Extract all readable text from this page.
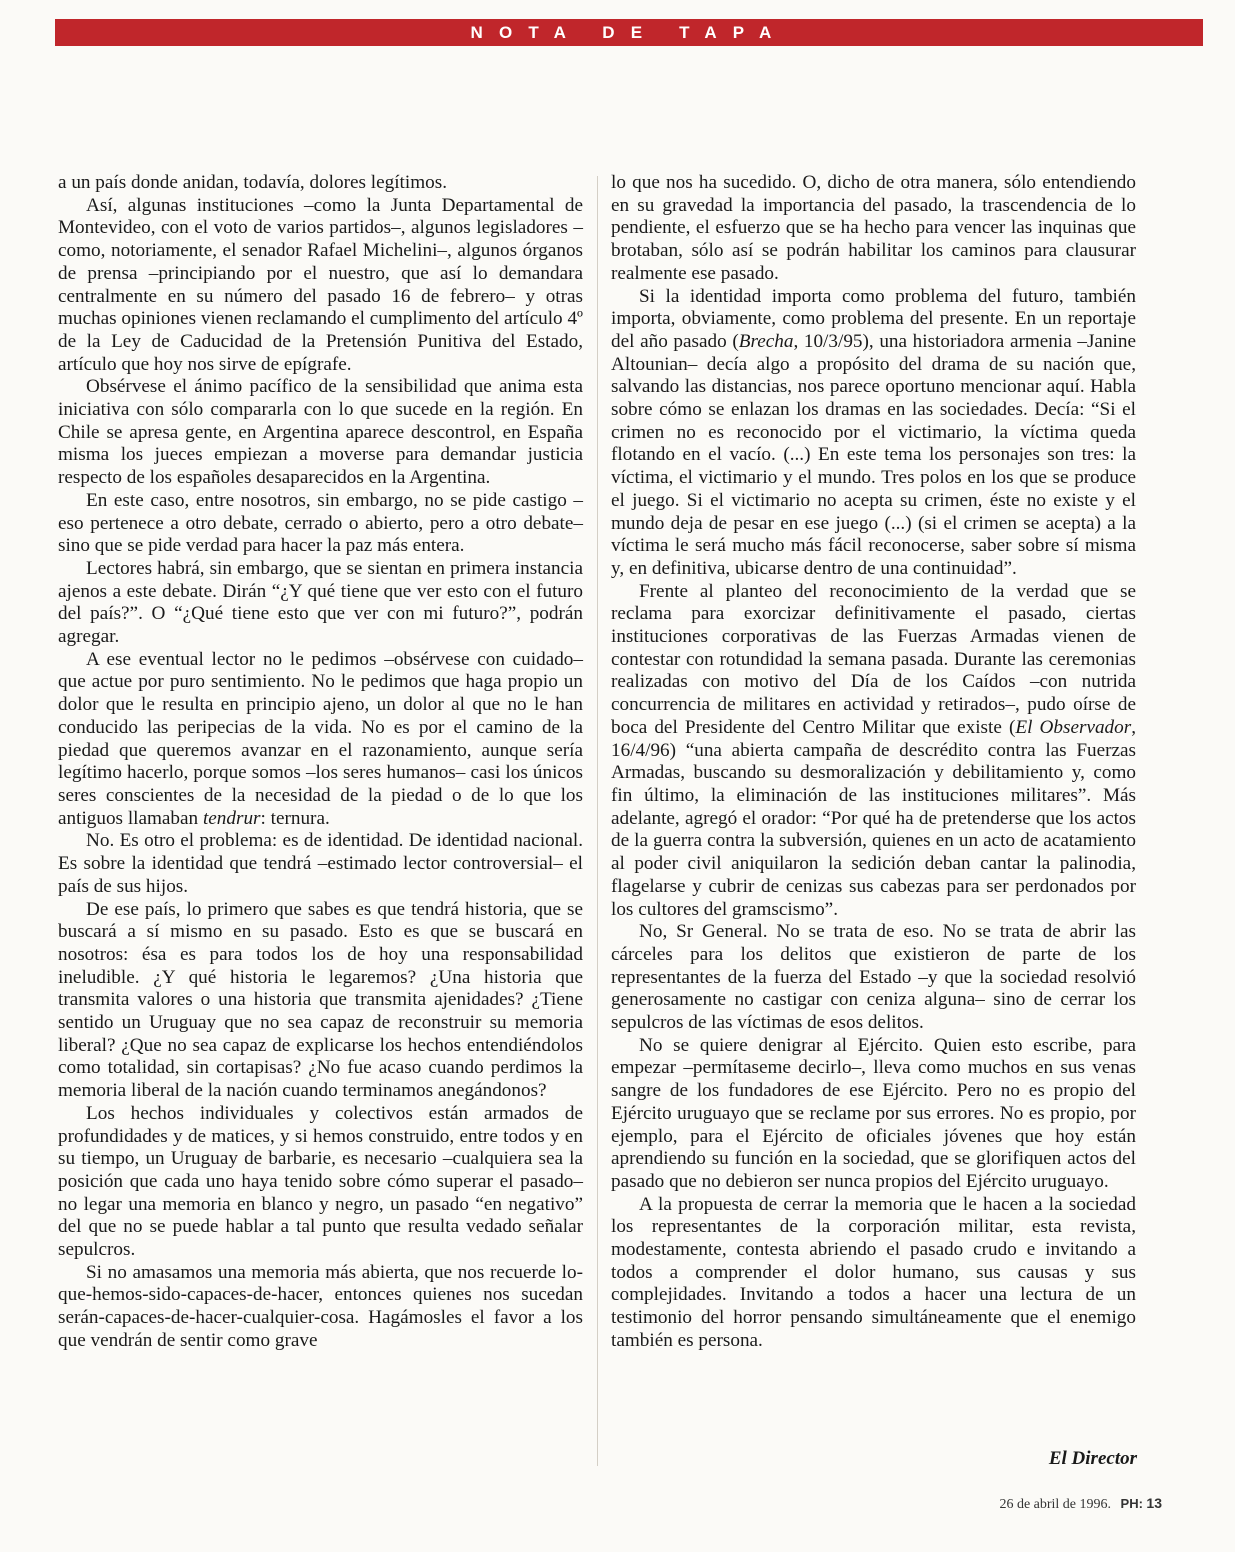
NOTA DE TAPA

a un país donde anidan, todavía, dolores legítimos.

Así, algunas instituciones –como la Junta Departamental de Montevideo, con el voto de varios partidos–, algunos legisladores –como, notoriamente, el senador Rafael Michelini–, algunos órganos de prensa –principiando por el nuestro, que así lo demandara centralmente en su número del pasado 16 de febrero– y otras muchas opiniones vienen reclamando el cumplimento del artículo 4º de la Ley de Caducidad de la Pretensión Punitiva del Estado, artículo que hoy nos sirve de epígrafe.

Obsérvese el ánimo pacífico de la sensibilidad que anima esta iniciativa con sólo compararla con lo que sucede en la región. En Chile se apresa gente, en Argentina aparece descontrol, en España misma los jueces empiezan a moverse para demandar justicia respecto de los españoles desaparecidos en la Argentina.

En este caso, entre nosotros, sin embargo, no se pide castigo –eso pertenece a otro debate, cerrado o abierto, pero a otro debate– sino que se pide verdad para hacer la paz más entera.

Lectores habrá, sin embargo, que se sientan en primera instancia ajenos a este debate. Dirán “¿Y qué tiene que ver esto con el futuro del país?”. O “¿Qué tiene esto que ver con mi futuro?”, podrán agregar.

A ese eventual lector no le pedimos –obsérvese con cuidado– que actue por puro sentimiento. No le pedimos que haga propio un dolor que le resulta en principio ajeno, un dolor al que no le han conducido las peripecias de la vida. No es por el camino de la piedad que queremos avanzar en el razonamiento, aunque sería legítimo hacerlo, porque somos –los seres humanos– casi los únicos seres conscientes de la necesidad de la piedad o de lo que los antiguos llamaban tendrur: ternura.

No. Es otro el problema: es de identidad. De identidad nacional. Es sobre la identidad que tendrá –estimado lector controversial– el país de sus hijos.

De ese país, lo primero que sabes es que tendrá historia, que se buscará a sí mismo en su pasado. Esto es que se buscará en nosotros: ésa es para todos los de hoy una responsabilidad ineludible. ¿Y qué historia le legaremos? ¿Una historia que transmita valores o una historia que transmita ajenidades? ¿Tiene sentido un Uruguay que no sea capaz de reconstruir su memoria liberal? ¿Que no sea capaz de explicarse los hechos entendiéndolos como totalidad, sin cortapisas? ¿No fue acaso cuando perdimos la memoria liberal de la nación cuando terminamos anegándonos?

Los hechos individuales y colectivos están armados de profundidades y de matices, y si hemos construido, entre todos y en su tiempo, un Uruguay de barbarie, es necesario –cualquiera sea la posición que cada uno haya tenido sobre cómo superar el pasado– no legar una memoria en blanco y negro, un pasado “en negativo” del que no se puede hablar a tal punto que resulta vedado señalar sepulcros.

Si no amasamos una memoria más abierta, que nos recuerde lo-que-hemos-sido-capaces-de-hacer, entonces quienes nos sucedan serán-capaces-de-hacer-cualquier-cosa. Hagámosles el favor a los que vendrán de sentir como grave

lo que nos ha sucedido. O, dicho de otra manera, sólo entendiendo en su gravedad la importancia del pasado, la trascendencia de lo pendiente, el esfuerzo que se ha hecho para vencer las inquinas que brotaban, sólo así se podrán habilitar los caminos para clausurar realmente ese pasado.

Si la identidad importa como problema del futuro, también importa, obviamente, como problema del presente. En un reportaje del año pasado (Brecha, 10/3/95), una historiadora armenia –Janine Altounian– decía algo a propósito del drama de su nación que, salvando las distancias, nos parece oportuno mencionar aquí. Habla sobre cómo se enlazan los dramas en las sociedades. Decía: “Si el crimen no es reconocido por el victimario, la víctima queda flotando en el vacío. (...) En este tema los personajes son tres: la víctima, el victimario y el mundo. Tres polos en los que se produce el juego. Si el victimario no acepta su crimen, éste no existe y el mundo deja de pesar en ese juego (...) (si el crimen se acepta) a la víctima le será mucho más fácil reconocerse, saber sobre sí misma y, en definitiva, ubicarse dentro de una continuidad”.

Frente al planteo del reconocimiento de la verdad que se reclama para exorcizar definitivamente el pasado, ciertas instituciones corporativas de las Fuerzas Armadas vienen de contestar con rotundidad la semana pasada. Durante las ceremonias realizadas con motivo del Día de los Caídos –con nutrida concurrencia de militares en actividad y retirados–, pudo oírse de boca del Presidente del Centro Militar que existe (El Observador, 16/4/96) “una abierta campaña de descrédito contra las Fuerzas Armadas, buscando su desmoralización y debilitamiento y, como fin último, la eliminación de las instituciones militares”. Más adelante, agregó el orador: “Por qué ha de pretenderse que los actos de la guerra contra la subversión, quienes en un acto de acatamiento al poder civil aniquilaron la sedición deban cantar la palinodia, flagelarse y cubrir de cenizas sus cabezas para ser perdonados por los cultores del gramscismo”.

No, Sr General. No se trata de eso. No se trata de abrir las cárceles para los delitos que existieron de parte de los representantes de la fuerza del Estado –y que la sociedad resolvió generosamente no castigar con ceniza alguna– sino de cerrar los sepulcros de las víctimas de esos delitos.

No se quiere denigrar al Ejército. Quien esto escribe, para empezar –permítaseme decirlo–, lleva como muchos en sus venas sangre de los fundadores de ese Ejército. Pero no es propio del Ejército uruguayo que se reclame por sus errores. No es propio, por ejemplo, para el Ejército de oficiales jóvenes que hoy están aprendiendo su función en la sociedad, que se glorifiquen actos del pasado que no debieron ser nunca propios del Ejército uruguayo.

A la propuesta de cerrar la memoria que le hacen a la sociedad los representantes de la corporación militar, esta revista, modestamente, contesta abriendo el pasado crudo e invitando a todos a comprender el dolor humano, sus causas y sus complejidades. Invitando a todos a hacer una lectura de un testimonio del horror pensando simultáneamente que el enemigo también es persona.

El Director
26 de abril de 1996. PH: 13
